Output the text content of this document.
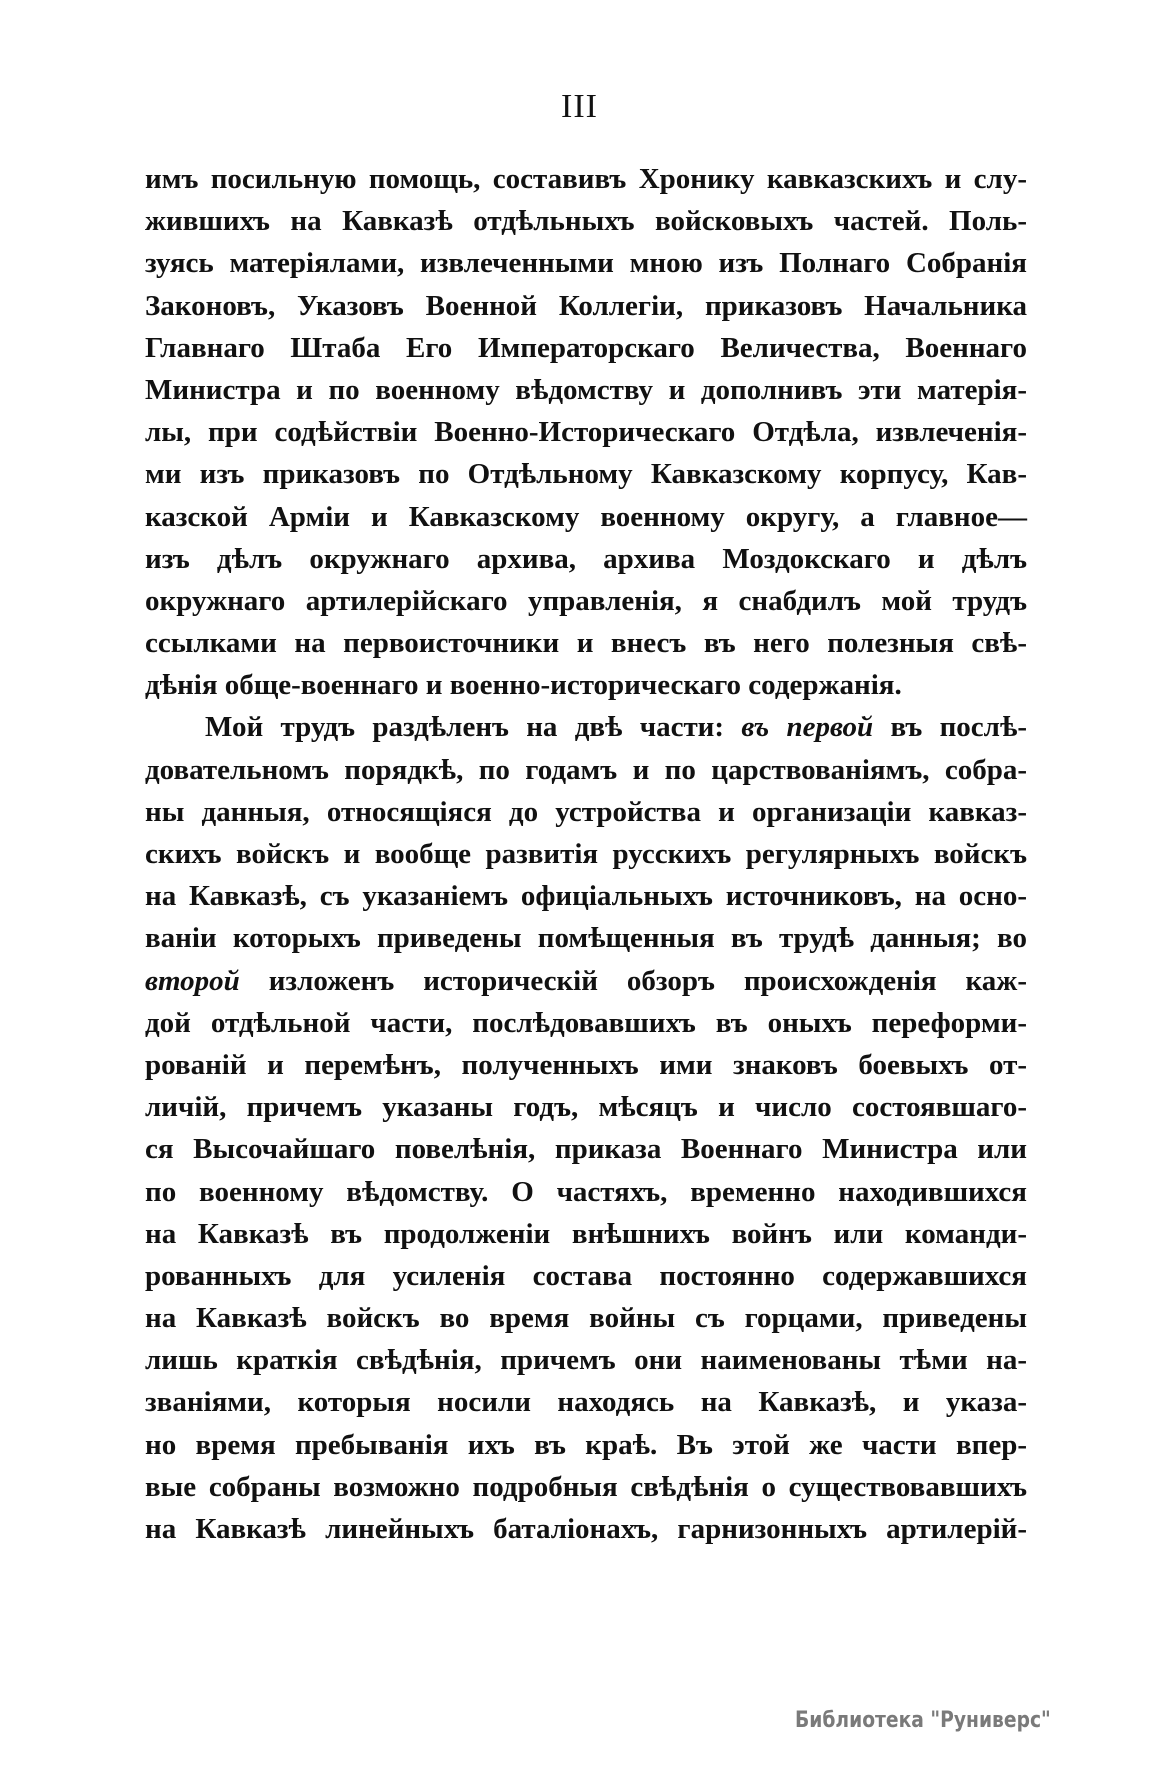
III
имъ посильную помощь, составивъ Хронику кавказскихъ и слу-
жившихъ на Кавказѣ отдѣльныхъ войсковыхъ частей. Поль-
зуясь матеріялами, извлеченными мною изъ Полнаго Собранія
Законовъ, Указовъ Военной Коллегіи, приказовъ Начальника
Главнаго Штаба Его Императорскаго Величества, Военнаго
Министра и по военному вѣдомству и дополнивъ эти матерія-
лы, при содѣйствіи Военно-Историческаго Отдѣла, извлеченія-
ми изъ приказовъ по Отдѣльному Кавказскому корпусу, Кав-
казской Арміи и Кавказскому военному округу, а главное—
изъ дѣлъ окружнаго архива, архива Моздокскаго и дѣлъ
окружнаго артилерійскаго управленія, я снабдилъ мой трудъ
ссылками на первоисточники и внесъ въ него полезныя свѣ-
дѣнія обще-военнаго и военно-историческаго содержанія.
Мой трудъ раздѣленъ на двѣ части: въ первой въ послѣ-
довательномъ порядкѣ, по годамъ и по царствованіямъ, собра-
ны данныя, относящіяся до устройства и организаціи кавказ-
скихъ войскъ и вообще развитія русскихъ регулярныхъ войскъ
на Кавказѣ, съ указаніемъ офиціальныхъ источниковъ, на осно-
ваніи которыхъ приведены помѣщенныя въ трудѣ данныя; во
второй изложенъ историческій обзоръ происхожденія каж-
дой отдѣльной части, послѣдовавшихъ въ оныхъ переформи-
рованій и перемѣнъ, полученныхъ ими знаковъ боевыхъ от-
личій, причемъ указаны годъ, мѣсяцъ и число состоявшаго-
ся Высочайшаго повелѣнія, приказа Военнаго Министра или
по военному вѣдомству. О частяхъ, временно находившихся
на Кавказѣ въ продолженіи внѣшнихъ войнъ или команди-
рованныхъ для усиленія состава постоянно содержавшихся
на Кавказѣ войскъ во время войны съ горцами, приведены
лишь краткія свѣдѣнія, причемъ они наименованы тѣми на-
званіями, которыя носили находясь на Кавказѣ, и указа-
но время пребыванія ихъ въ краѣ. Въ этой же части впер-
вые собраны возможно подробныя свѣдѣнія о существовавшихъ
на Кавказѣ линейныхъ баталіонахъ, гарнизонныхъ артилерій-
Библиотека "Руниверс"
